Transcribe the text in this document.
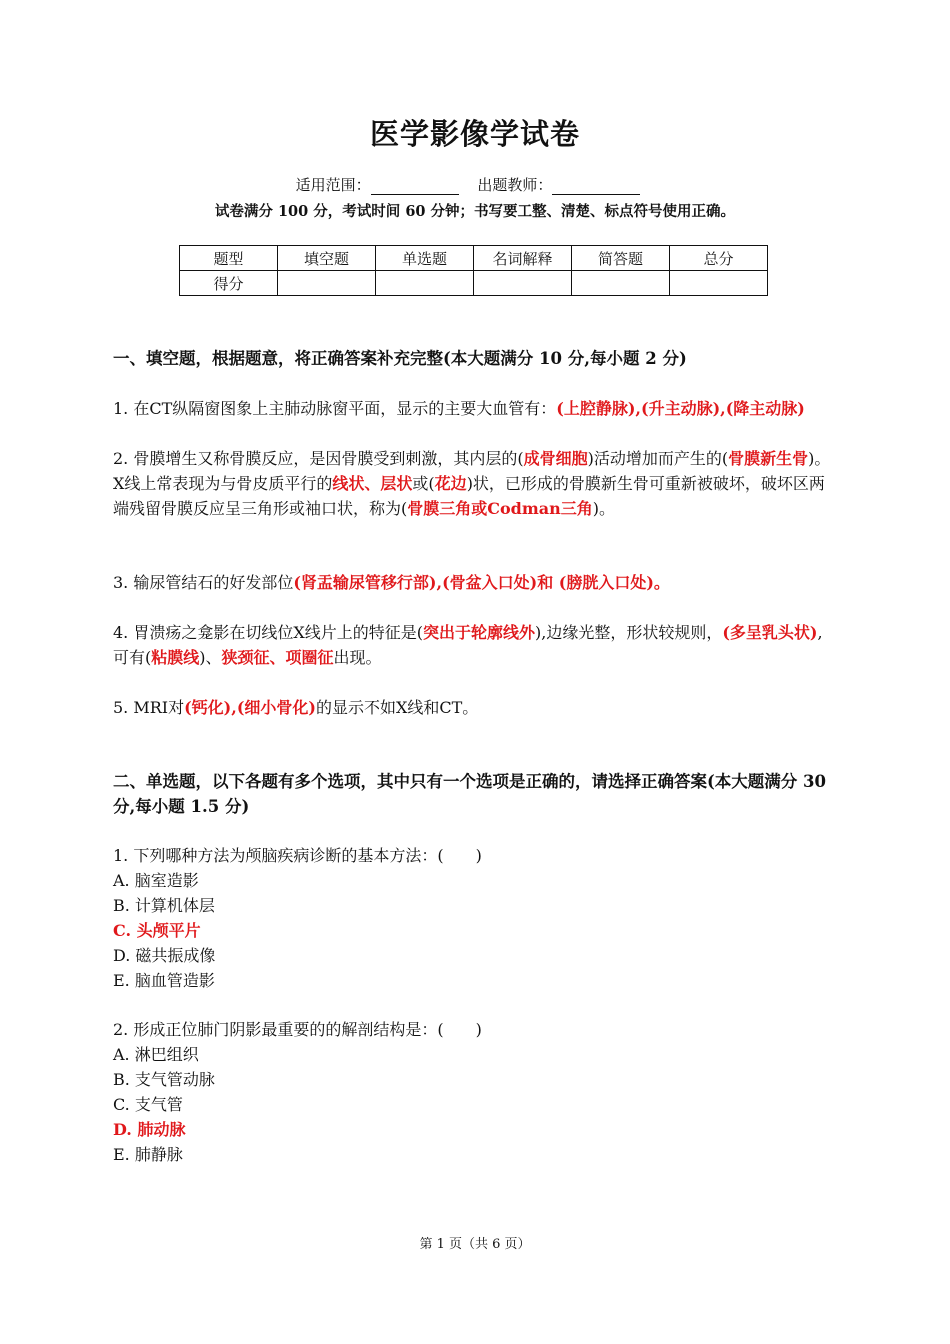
医学影像学试卷
适用范围：	出题教师：
试卷满分 100 分，考试时间 60 分钟；书写要工整、清楚、标点符号使用正确。
题型	填空题	单选题	名词解释	简答题	总分
得分					
一、填空题，根据题意，将正确答案补充完整(本大题满分 10 分,每小题 2 分)
1. 在CT纵隔窗图象上主肺动脉窗平面，显示的主要大血管有：(上腔静脉),(升主动脉),(降主动脉)
2. 骨膜增生又称骨膜反应，是因骨膜受到刺激，其内层的(成骨细胞)活动增加而产生的(骨膜新生骨)。X线上常表现为与骨皮质平行的线状、层状或(花边)状，已形成的骨膜新生骨可重新被破坏，破坏区两端残留骨膜反应呈三角形或袖口状，称为(骨膜三角或Codman三角)。
3. 输尿管结石的好发部位(肾盂输尿管移行部),(骨盆入口处)和 (膀胱入口处)。
4. 胃溃疡之龛影在切线位X线片上的特征是(突出于轮廓线外),边缘光整，形状较规则，(多呈乳头状),可有(粘膜线)、狭颈征、项圈征出现。
5. MRI对(钙化),(细小骨化)的显示不如X线和CT。
二、单选题，以下各题有多个选项，其中只有一个选项是正确的，请选择正确答案(本大题满分 30 分,每小题 1.5 分)
1. 下列哪种方法为颅脑疾病诊断的基本方法：(　　)
A. 脑室造影
B. 计算机体层
C. 头颅平片
D. 磁共振成像
E. 脑血管造影
2. 形成正位肺门阴影最重要的的解剖结构是：(　　)
A. 淋巴组织
B. 支气管动脉
C. 支气管
D. 肺动脉
E. 肺静脉
第 1 页（共 6 页）
